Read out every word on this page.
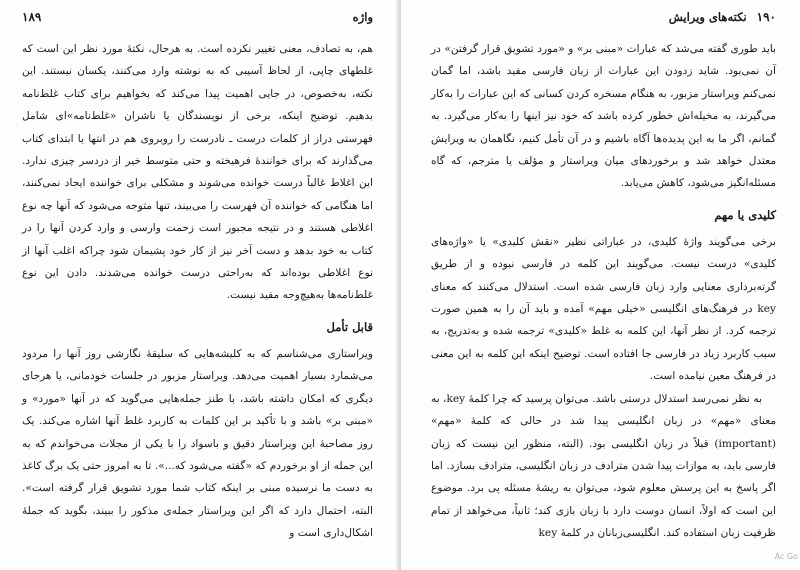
واژه
۱۸۹

هم، به تصادف، معنی تغییر نکرده است. به هرحال، نکتهٔ مورد نظر این است که غلطهای چاپی، از لحاظ آسیبی که به نوشته وارد می‌کنند، یکسان نیستند. این نکته، به‌خصوص، در جایی اهمیت پیدا می‌کند که بخواهیم برای کتاب غلط‌نامه بدهیم. توضیح اینکه، برخی از نویسندگان یا ناشران «غلط‌نامه»‌ای شامل فهرستی دراز از کلمات درست ـ نادرست را روبروی هم در انتها یا ابتدای کتاب می‌گذارند که برای خوانندهٔ فرهیخته و حتی متوسط خیر از دردسر چیزی ندارد. این اغلاط غالباً درست خوانده می‌شوند و مشکلی برای خواننده ایجاد نمی‌کنند، اما هنگامی که خواننده آن فهرست را می‌بیند، تنها متوجه می‌شود که آنها چه نوع اغلاطی هستند و در نتیجه مجبور است زحمت وارسی و وارد کردن آنها را در کتاب به خود بدهد و دست آخر نیز از کار خود پشیمان شود چراکه اغلب آنها از نوع اغلاطی بوده‌اند که به‌راحتی درست خوانده می‌شدند. دادن این نوع غلط‌نامه‌ها به‌هیچ‌وجه مفید نیست.

قابل تأمل

ویراستاری می‌شناسم که به کلیشه‌هایی که سلیقهٔ نگارشی روز آنها را مردود می‌شمارد بسیار اهمیت می‌دهد. ویراستار مزبور در جلسات خودمانی، یا هرجای دیگری که امکان داشته باشد، با طنز جمله‌هایی می‌گوید که در آنها «مورد» و «مبنی بر» باشد و با تأکید بر این کلمات به کاربرد غلط آنها اشاره می‌کند. یک روز مصاحبهٔ این ویراستار دقیق و باسواد را با یکی از مجلات می‌خواندم که به این جمله از او برخوردم که «گفته می‌شود که...». تا به امروز حتی یک برگ کاغذ به دست ما نرسیده مبنی بر اینکه کتاب شما مورد تشویق قرار گرفته است». البته، احتمال دارد که اگر این ویراستار جمله‌ی مذکور را ببیند، بگوید که جملهٔ اشکال‌داری است و

۱۹۰
نکته‌های ویرایش

باید طوری گفته می‌شد که عبارات «مبنی بر» و «مورد تشویق قرار گرفتن» در آن نمی‌بود. شاید زدودن این عبارات از زبان فارسی مفید باشد، اما گمان نمی‌کنم ویراستار مزبور، به هنگام مسخره کردن کسانی که این عبارات را به‌کار می‌گیرند، به مخیله‌اش خطور کرده باشد که خود نیز اینها را به‌کار می‌گیرد. به گمانم، اگر ما به این پدیده‌ها آگاه باشیم و در آن تأمل کنیم، نگاهمان به ویرایش معتدل خواهد شد و برخوردهای میان ویراستار و مؤلف یا مترجم، که گاه مسئله‌انگیز می‌شود، کاهش می‌یابد.

کلیدی یا مهم

برخی می‌گویند واژهٔ کلیدی، در عباراتی نظیر «نقش کلیدی» یا «واژه‌های کلیدی» درست نیست. می‌گویند این کلمه در فارسی نبوده و از طریق گرته‌برداری معنایی وارد زبان فارسی شده است. استدلال می‌کنند که معنای key در فرهنگ‌های انگلیسی «خیلی مهم» آمده و باید آن را به همین صورت ترجمه کرد. از نظر آنها، این کلمه به غلط «کلیدی» ترجمه شده و به‌تدریج، به سبب کاربرد زیاد در فارسی جا افتاده است. توضیح اینکه این کلمه به این معنی در فرهنگ معین نیامده است.

به نظر نمی‌رسد استدلال درستی باشد. می‌توان پرسید که چرا کلمهٔ key، به معنای «مهم» در زبان انگلیسی پیدا شد در حالی که کلمهٔ «مهم» (important) قبلاً در زبان انگلیسی بود. (البته، منظور این نیست که زبان فارسی باید، به موازات پیدا شدن مترادف در زبان انگلیسی، مترادف بسازد. اما اگر پاسخ به این پرسش معلوم شود، می‌توان به ریشهٔ مسئله پی برد. موضوع این است که اولاً، انسان دوست دارد با زبان بازی کند؛ ثانیاً، می‌خواهد از تمام ظرفیت زبان استفاده کند. انگلیسی‌زبانان در کلمهٔ key

Ac Go
